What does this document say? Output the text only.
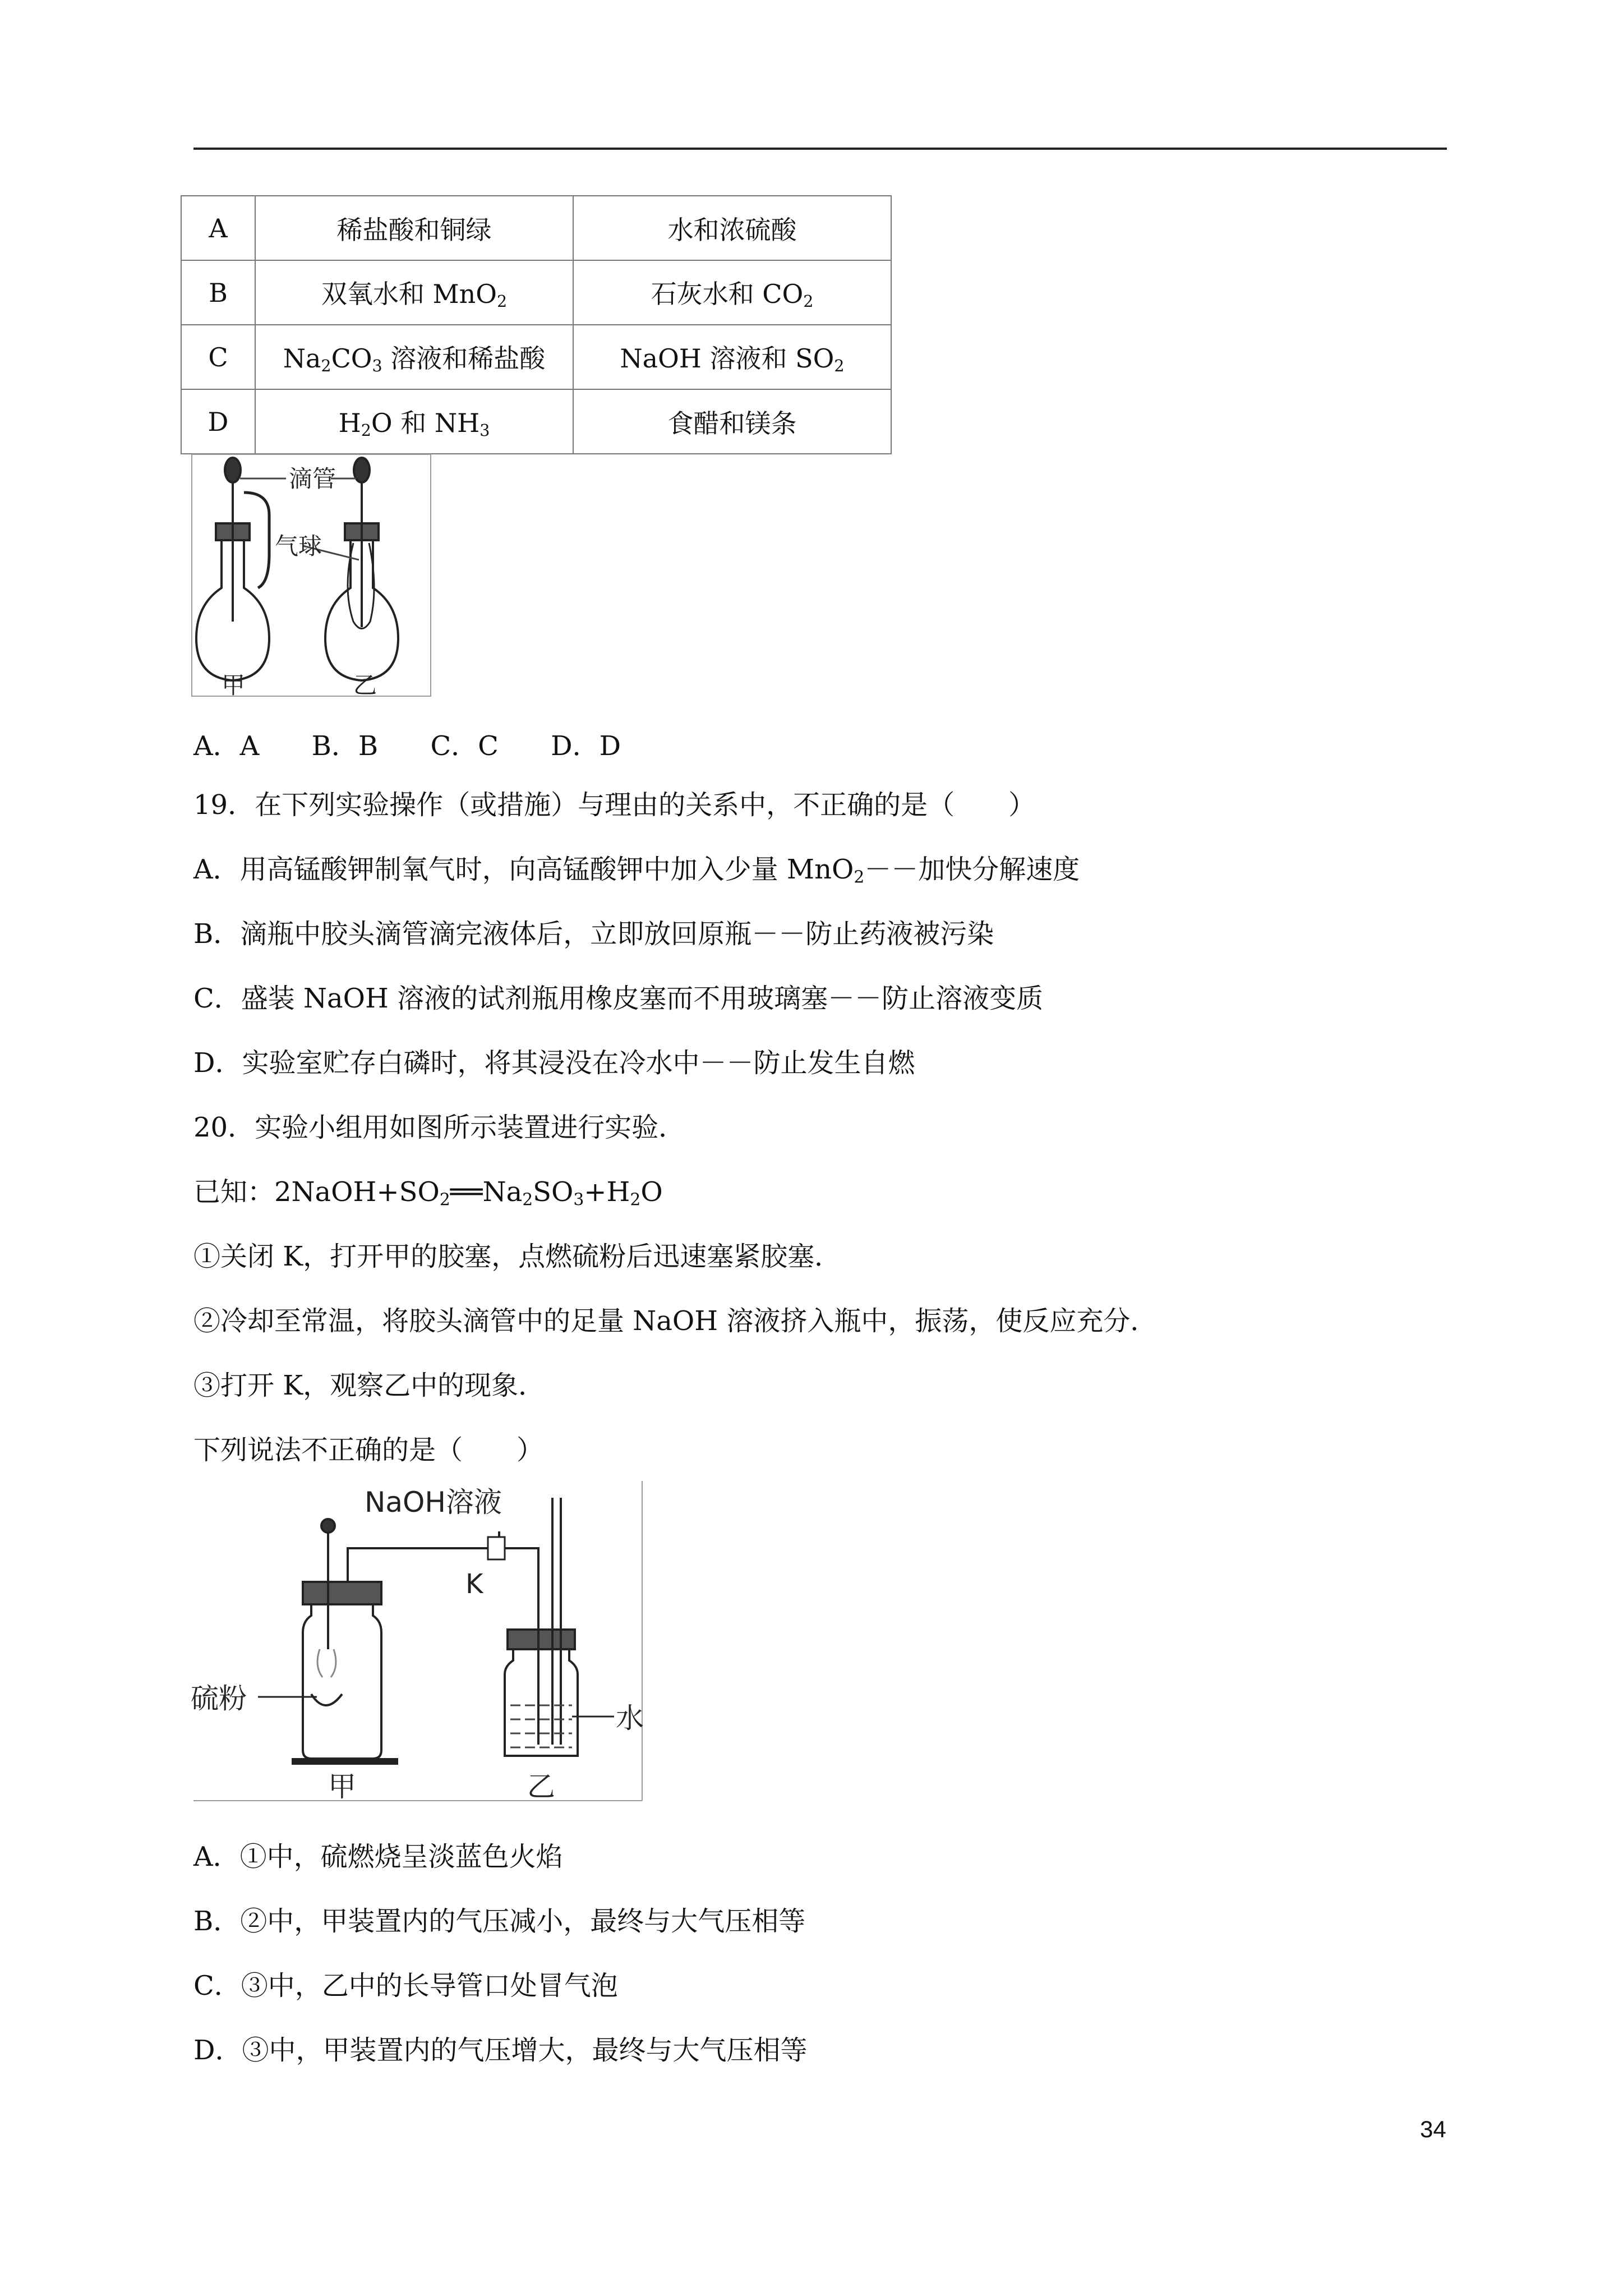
A	稀盐酸和铜绿	水和浓硫酸
B	双氧水和 MnO$_2$	石灰水和 $CO_2$
C	$Na_2CO_3$ 溶液和稀盐酸	NaOH 溶液和 $SO_2$
D	$H_2O$ 和 $NH_3$	食醋和镁条
滴管
气球
甲	乙
A．A B．B C．C D．D
19．在下列实验操作（或措施）与理由的关系中，不正确的是（　　）
A．用高锰酸钾制氧气时，向高锰酸钾中加入少量 MnO$_2$－－加快分解速度
B．滴瓶中胶头滴管滴完液体后，立即放回原瓶－－防止药液被污染
C．盛装 NaOH 溶液的试剂瓶用橡皮塞而不用玻璃塞－－防止溶液变质
D．实验室贮存白磷时，将其浸没在冷水中－－防止发生自燃
20．实验小组用如图所示装置进行实验．
已知：$2NaOH+SO_2══Na_2SO_3+H_2O$
①关闭 K，打开甲的胶塞，点燃硫粉后迅速塞紧胶塞．
②冷却至常温，将胶头滴管中的足量 NaOH 溶液挤入瓶中，振荡，使反应充分．
③打开 K，观察乙中的现象．
下列说法不正确的是（　　）
NaOH溶液
K
硫粉
水
甲	乙
A．①中，硫燃烧呈淡蓝色火焰
B．②中，甲装置内的气压减小，最终与大气压相等
C．③中，乙中的长导管口处冒气泡
D．③中，甲装置内的气压增大，最终与大气压相等
34
